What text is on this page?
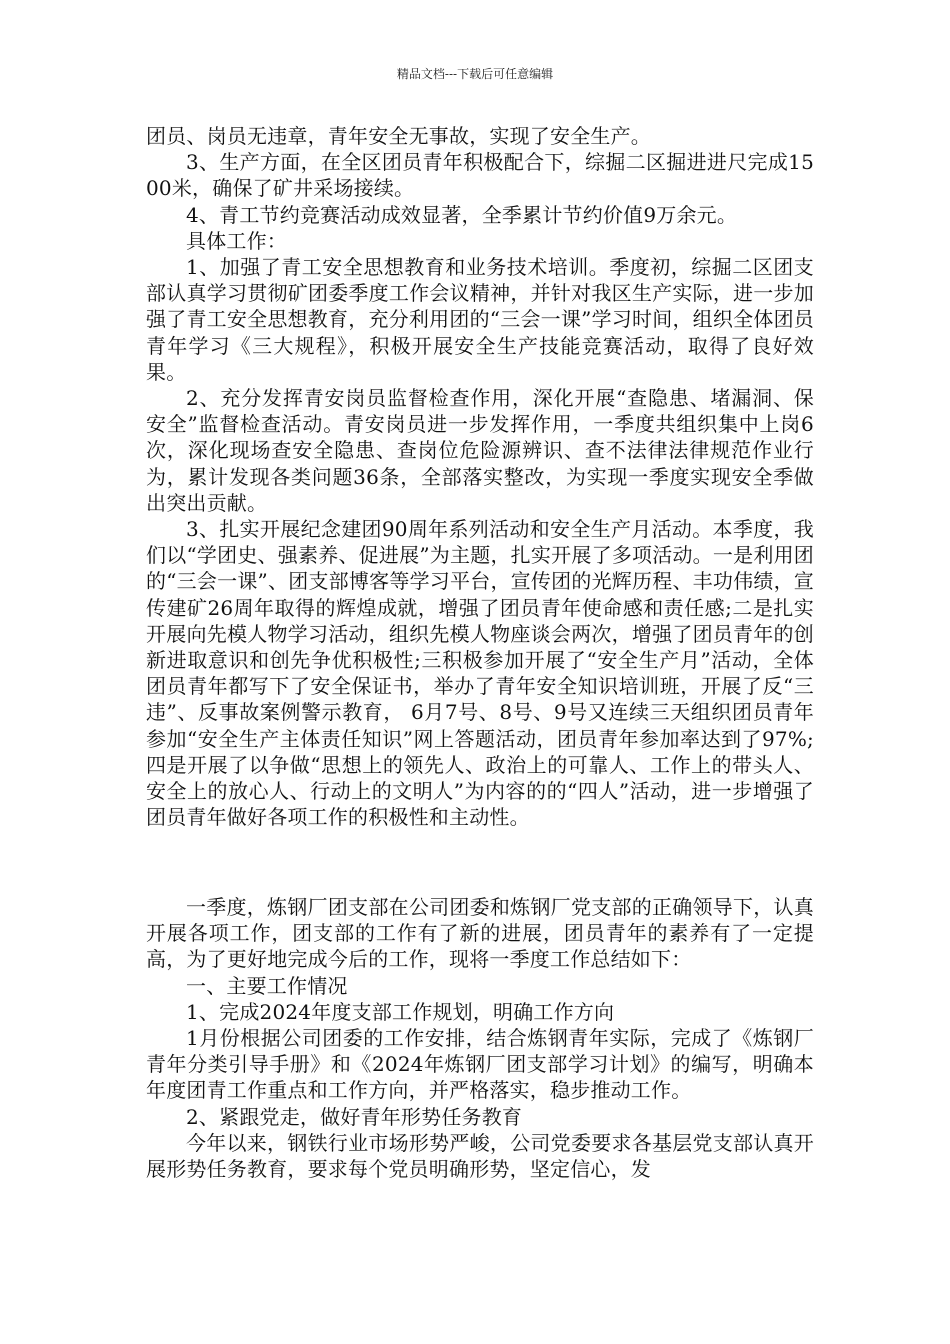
精品文档---下载后可任意编辑

团员、岗员无违章，青年安全无事故，实现了安全生产。

3、生产方面，在全区团员青年积极配合下，综掘二区掘进进尺完成1500米，确保了矿井采场接续。

4、青工节约竞赛活动成效显著，全季累计节约价值9万余元。

具体工作：

1、加强了青工安全思想教育和业务技术培训。季度初，综掘二区团支部认真学习贯彻矿团委季度工作会议精神，并针对我区生产实际，进一步加强了青工安全思想教育，充分利用团的“三会一课”学习时间，组织全体团员青年学习《三大规程》，积极开展安全生产技能竞赛活动，取得了良好效果。

2、充分发挥青安岗员监督检查作用，深化开展“查隐患、堵漏洞、保安全”监督检查活动。青安岗员进一步发挥作用，一季度共组织集中上岗6次，深化现场查安全隐患、查岗位危险源辨识、查不法律法律规范作业行为，累计发现各类问题36条，全部落实整改，为实现一季度实现安全季做出突出贡献。

3、扎实开展纪念建团90周年系列活动和安全生产月活动。本季度，我们以“学团史、强素养、促进展”为主题，扎实开展了多项活动。一是利用团的“三会一课”、团支部博客等学习平台，宣传团的光辉历程、丰功伟绩，宣传建矿26周年取得的辉煌成就，增强了团员青年使命感和责任感;二是扎实开展向先模人物学习活动，组织先模人物座谈会两次，增强了团员青年的创新进取意识和创先争优积极性;三积极参加开展了“安全生产月”活动，全体团员青年都写下了安全保证书，举办了青年安全知识培训班，开展了反“三违”、反事故案例警示教育， 6月7号、8号、9号又连续三天组织团员青年参加“安全生产主体责任知识”网上答题活动，团员青年参加率达到了97%;四是开展了以争做“思想上的领先人、政治上的可靠人、工作上的带头人、安全上的放心人、行动上的文明人”为内容的的“四人”活动，进一步增强了团员青年做好各项工作的积极性和主动性。

一季度，炼钢厂团支部在公司团委和炼钢厂党支部的正确领导下，认真开展各项工作，团支部的工作有了新的进展，团员青年的素养有了一定提高，为了更好地完成今后的工作，现将一季度工作总结如下：

一、主要工作情况

1、完成2024年度支部工作规划，明确工作方向

1月份根据公司团委的工作安排，结合炼钢青年实际，完成了《炼钢厂青年分类引导手册》和《2024年炼钢厂团支部学习计划》的编写，明确本年度团青工作重点和工作方向，并严格落实，稳步推动工作。

2、紧跟党走，做好青年形势任务教育

今年以来，钢铁行业市场形势严峻，公司党委要求各基层党支部认真开展形势任务教育，要求每个党员明确形势，坚定信心，发
